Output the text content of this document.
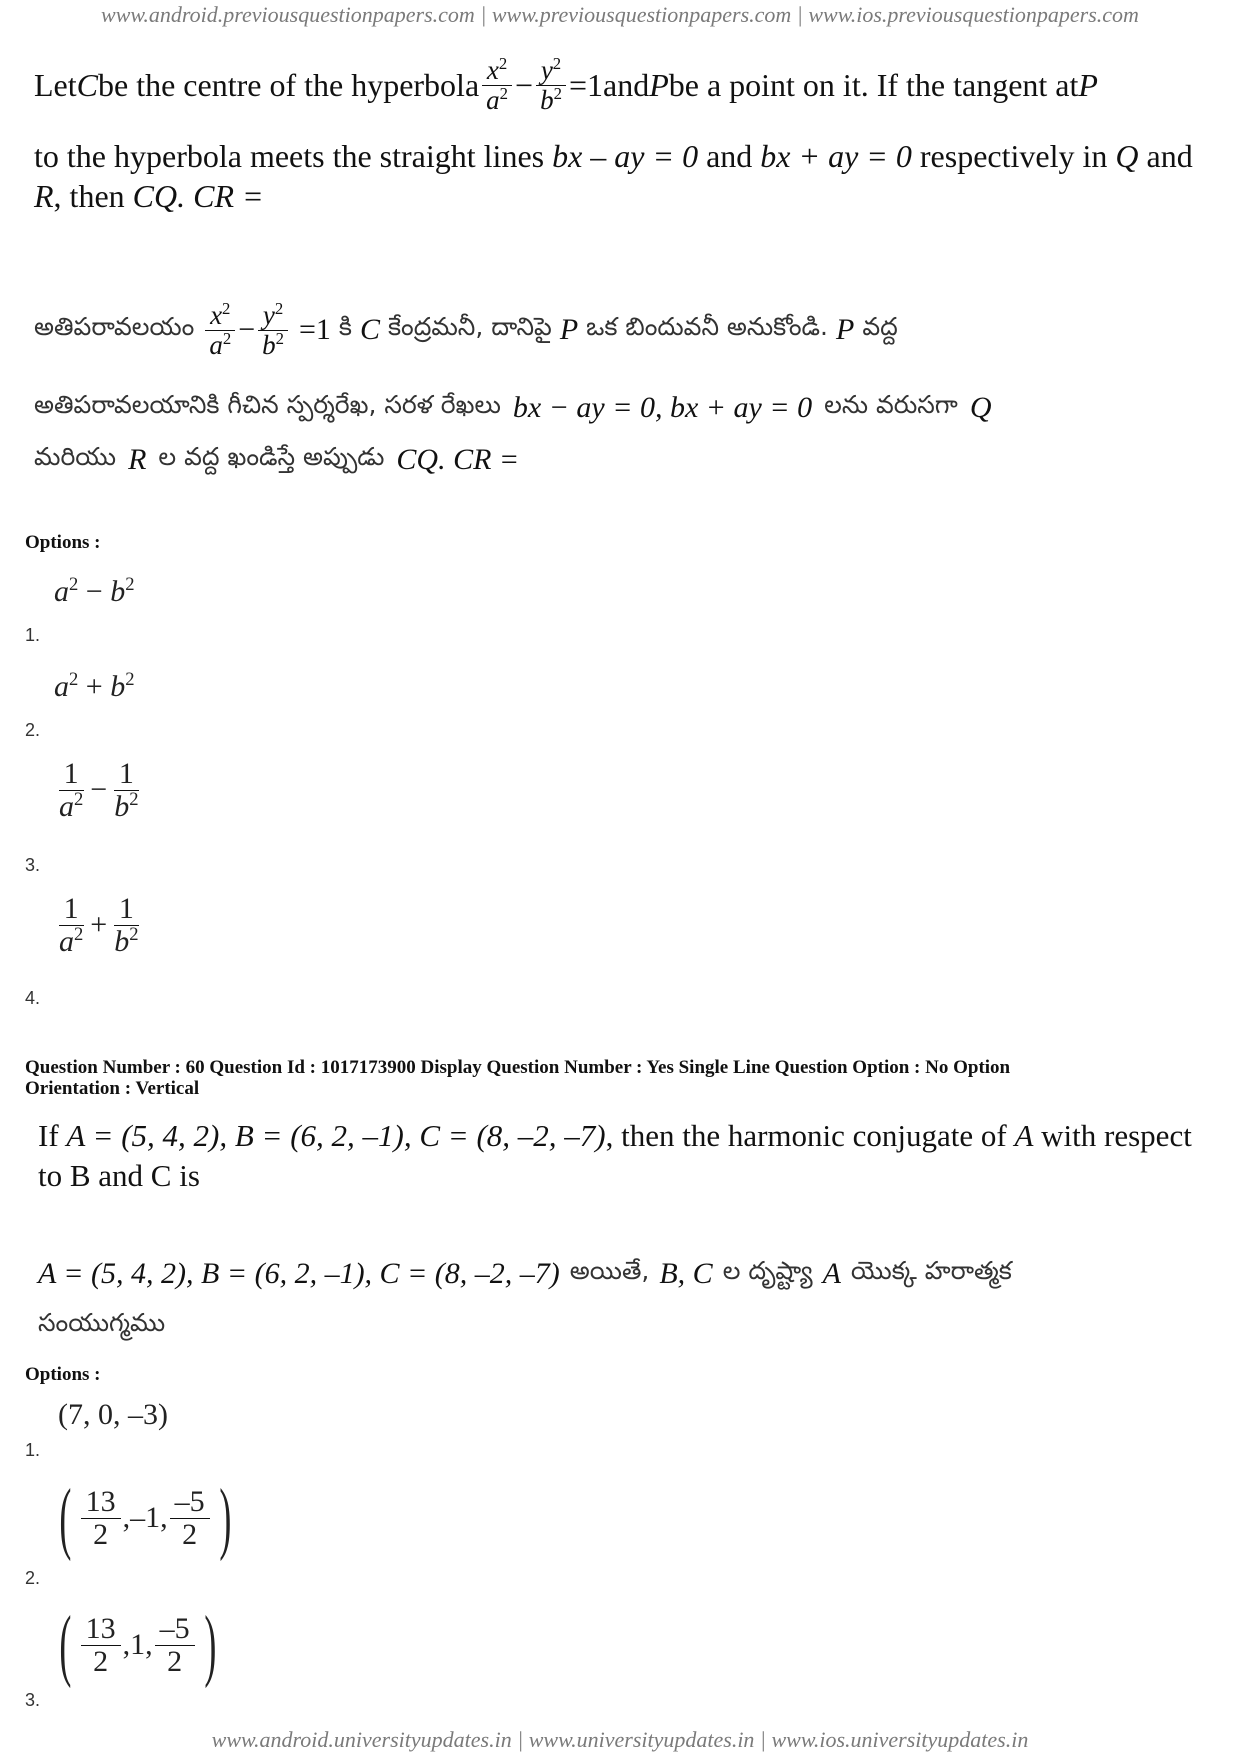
www.android.previousquestionpapers.com | www.previousquestionpapers.com | www.ios.previousquestionpapers.com
Let C be the centre of the hyperbola $\frac{x^2}{a^2} - \frac{y^2}{b^2} =1$ and P be a point on it. If the tangent at P
to the hyperbola meets the straight lines bx – ay = 0 and bx + ay = 0 respectively in Q and
R, then CQ. CR =
అతిపరావలయం $\frac{x^2}{a^2} - \frac{y^2}{b^2} =1$ కి C కేంద్రమనీ, దానిపై P ఒక బిందువనీ అనుకోండి. P వద్ద
అతిపరావలయానికి గీచిన స్పర్శరేఖ, సరళ రేఖలు bx − ay = 0, bx + ay = 0 లను వరుసగా Q
మరియు R ల వద్ద ఖండిస్తే అప్పుడు CQ. CR =
Options :
$a^2 - b^2$
1.
$a^2 + b^2$
2.
$\frac{1}{a^2} - \frac{1}{b^2}$
3.
$\frac{1}{a^2} + \frac{1}{b^2}$
4.
Question Number : 60 Question Id : 1017173900 Display Question Number : Yes Single Line Question Option : No Option
Orientation : Vertical
If A = (5, 4, 2), B = (6, 2, –1), C = (8, –2, –7), then the harmonic conjugate of A with respect
to B and C is
A = (5, 4, 2), B = (6, 2, –1), C = (8, –2, –7) అయితే, B, C ల దృష్ట్యా A యొక్క హరాత్మక
సంయుగ్మము
Options :
(7, 0, –3)
1.
( $\frac{13}{2} ,-1$, $\frac{-5}{2}$ )
2.
( $\frac{13}{2} ,1$, $\frac{-5}{2}$ )
3.
www.android.universityupdates.in | www.universityupdates.in | www.ios.universityupdates.in
